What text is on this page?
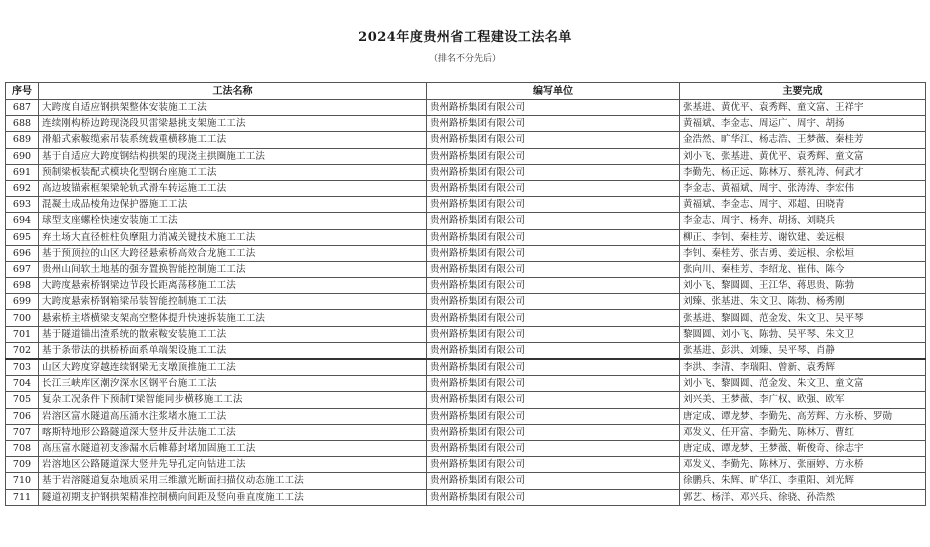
2024年度贵州省工程建设工法名单
（排名不分先后）
序号	工法名称	编写单位	主要完成
687	大跨度自适应钢拱架整体安装施工工法	贵州路桥集团有限公司	张基进、黄优平、袁秀辉、童文富、王祥宇
688	连续刚构桥边跨现浇段贝雷梁悬挑支架施工工法	贵州路桥集团有限公司	黄福斌、李金志、周运广、周宇、胡扬
689	滑船式索鞍缆索吊装系统载重横移施工工法	贵州路桥集团有限公司	金浩然、旷华江、杨志浩、王梦薇、秦桂芳
690	基于自适应大跨度钢结构拱架的现浇主拱圈施工工法	贵州路桥集团有限公司	刘小飞、张基进、黄优平、袁秀辉、童文富
691	预制梁板装配式模块化型钢台座施工工法	贵州路桥集团有限公司	李勤先、杨正远、陈林万、蔡礼涛、何武才
692	高边坡锚索框架梁轮轨式滑车转运施工工法	贵州路桥集团有限公司	李金志、黄福斌、周宇、张涛涛、李宏伟
693	混凝土成品棱角边保护器施工工法	贵州路桥集团有限公司	黄福斌、李金志、周宇、邓超、田晓青
694	球型支座螺栓快速安装施工工法	贵州路桥集团有限公司	李金志、周宇、杨奔、胡扬、刘晓兵
695	弃土场大直径桩柱负摩阻力消减关键技术施工工法	贵州路桥集团有限公司	柳正、李钊、秦桂芳、谢钦建、姜远根
696	基于预顶拉的山区大跨径悬索桥高效合龙施工工法	贵州路桥集团有限公司	李钊、秦桂芳、张吉勇、姜远根、余松垣
697	贵州山间软土地基的强夯置换智能控制施工工法	贵州路桥集团有限公司	张向川、秦桂芳、李绍龙、崔伟、陈今
698	大跨度悬索桥钢梁边节段长距离荡移施工工法	贵州路桥集团有限公司	刘小飞、黎圆圆、王江华、蒋思贵、陈勃
699	大跨度悬索桥钢箱梁吊装智能控制施工工法	贵州路桥集团有限公司	刘臻、张基进、朱文卫、陈勃、杨秀刚
700	悬索桥主塔横梁支架高空整体提升快速拆装施工工法	贵州路桥集团有限公司	张基进、黎圆圆、范金发、朱文卫、吴平琴
701	基于隧道锚出渣系统的散索鞍安装施工工法	贵州路桥集团有限公司	黎圆圆、刘小飞、陈勃、吴平琴、朱文卫
702	基于条带法的拱桥桥面系单端架设施工工法	贵州路桥集团有限公司	张基进、彭洪、刘臻、吴平琴、肖静
703	山区大跨度穿越连续钢梁无支墩顶推施工工法	贵州路桥集团有限公司	李洪、李清、李瑞阳、曾新、袁秀辉
704	长江三峡库区潮汐深水区钢平台施工工法	贵州路桥集团有限公司	刘小飞、黎圆圆、范金发、朱文卫、童文富
705	复杂工况条件下预制T梁智能同步横移施工工法	贵州路桥集团有限公司	刘兴美、王梦薇、李广权、欧强、欧军
706	岩溶区富水隧道高压涌水注浆堵水施工工法	贵州路桥集团有限公司	唐定成、谭龙梦、李勤先、高芳辉、方永桥、罗勋
707	喀斯特地形公路隧道深大竖井反井法施工工法	贵州路桥集团有限公司	邓发义、任开富、李勤先、陈林万、曹红
708	高压富水隧道初支渗漏水后帷幕封堵加固施工工法	贵州路桥集团有限公司	唐定成、谭龙梦、王梦薇、靳俊奇、徐志宇
709	岩溶地区公路隧道深大竖井先导孔定向钻进工法	贵州路桥集团有限公司	邓发义、李勤先、陈林万、张丽婷、方永桥
710	基于岩溶隧道复杂地质采用三维激光断面扫描仪动态施工工法	贵州路桥集团有限公司	徐鹏兵、朱辉、旷华江、李重阳、刘光辉
711	隧道初期支护钢拱架精准控制横向间距及竖向垂直度施工工法	贵州路桥集团有限公司	郭艺、杨洋、邓兴兵、徐骁、孙浩然
